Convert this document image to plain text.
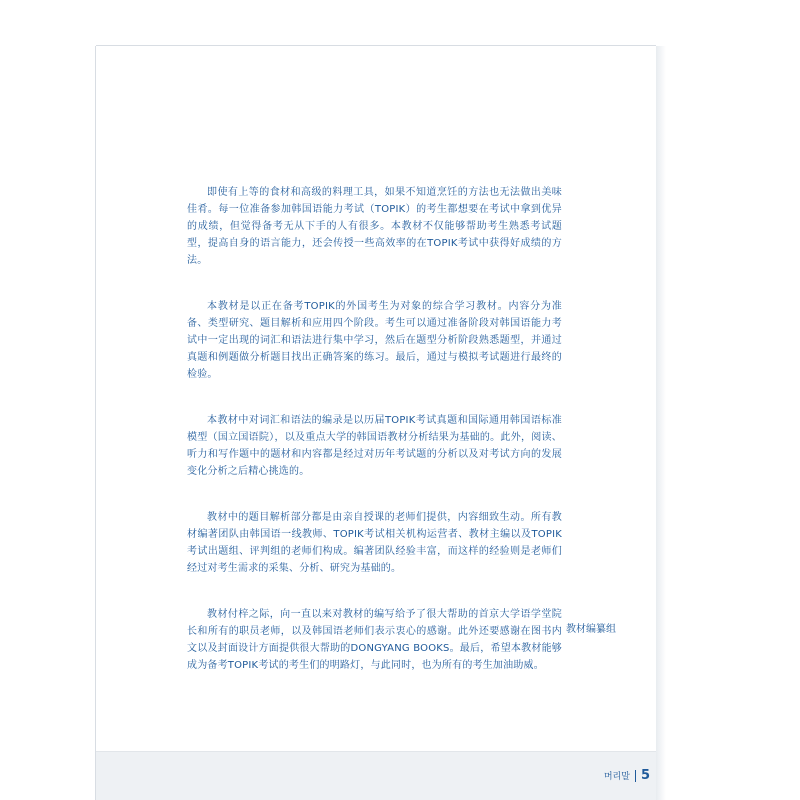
即使有上等的食材和高级的料理工具，如果不知道烹饪的方法也无法做出美味佳肴。每一位准备参加韩国语能力考试（TOPIK）的考生都想要在考试中拿到优异的成绩，但觉得备考无从下手的人有很多。本教材不仅能够帮助考生熟悉考试题型，提高自身的语言能力，还会传授一些高效率的在TOPIK考试中获得好成绩的方法。

本教材是以正在备考TOPIK的外国考生为对象的综合学习教材。内容分为准备、类型研究、题目解析和应用四个阶段。考生可以通过准备阶段对韩国语能力考试中一定出现的词汇和语法进行集中学习，然后在题型分析阶段熟悉题型，并通过真题和例题做分析题目找出正确答案的练习。最后，通过与模拟考试题进行最终的检验。

本教材中对词汇和语法的编录是以历届TOPIK考试真题和国际通用韩国语标准模型（国立国语院），以及重点大学的韩国语教材分析结果为基础的。此外，阅读、听力和写作题中的题材和内容都是经过对历年考试题的分析以及对考试方向的发展变化分析之后精心挑选的。

教材中的题目解析部分都是由亲自授课的老师们提供，内容细致生动。所有教材编著团队由韩国语一线教师、TOPIK考试相关机构运营者、教材主编以及TOPIK考试出题组、评判组的老师们构成。编著团队经验丰富，而这样的经验则是老师们经过对考生需求的采集、分析、研究为基础的。

教材付梓之际，向一直以来对教材的编写给予了很大帮助的首京大学语学堂院长和所有的职员老师，以及韩国语老师们表示衷心的感谢。此外还要感谢在图书内文以及封面设计方面提供很大帮助的DONGYANG BOOKS。最后，希望本教材能够成为备考TOPIK考试的考生们的明路灯，与此同时，也为所有的考生加油助威。

教材编纂组
머리말 5
